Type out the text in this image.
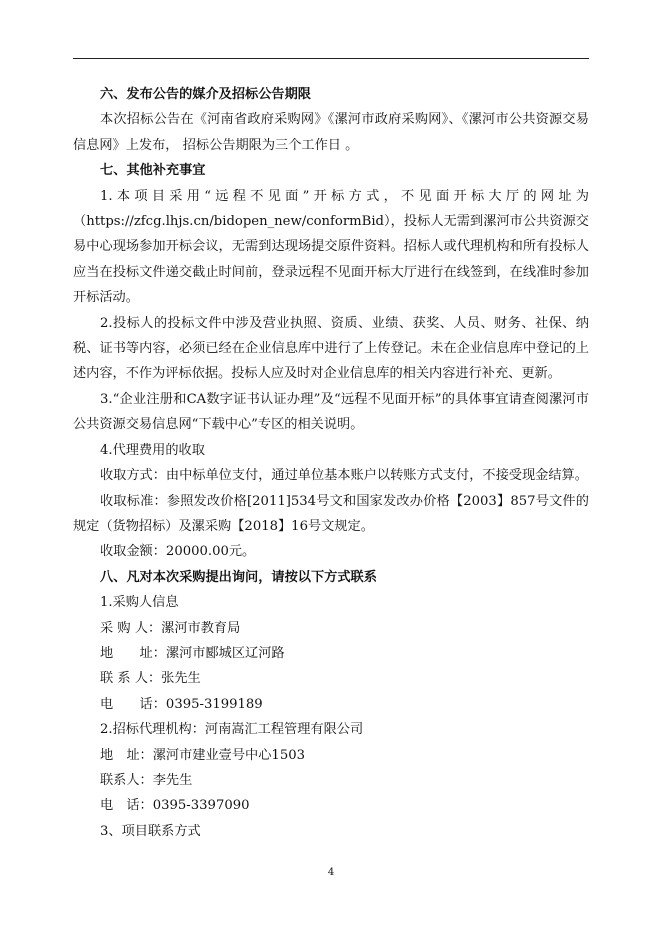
六、发布公告的媒介及招标公告期限

本次招标公告在《河南省政府采购网》《漯河市政府采购网》、《漯河市公共资源交易信息网》上发布， 招标公告期限为三个工作日 。

七、其他补充事宜

1.本项目采用“远程不见面”开标方式，不见面开标大厅的网址为（https://zfcg.lhjs.cn/bidopen_new/conformBid），投标人无需到漯河市公共资源交易中心现场参加开标会议，无需到达现场提交原件资料。招标人或代理机构和所有投标人应当在投标文件递交截止时间前，登录远程不见面开标大厅进行在线签到，在线准时参加开标活动。

2.投标人的投标文件中涉及营业执照、资质、业绩、获奖、人员、财务、社保、纳税、证书等内容，必须已经在企业信息库中进行了上传登记。未在企业信息库中登记的上述内容，不作为评标依据。投标人应及时对企业信息库的相关内容进行补充、更新。

3.“企业注册和CA数字证书认证办理”及“远程不见面开标”的具体事宜请查阅漯河市公共资源交易信息网“下载中心”专区的相关说明。

4.代理费用的收取

收取方式：由中标单位支付，通过单位基本账户以转账方式支付，不接受现金结算。

收取标准：参照发改价格[2011]534号文和国家发改办价格【2003】857号文件的规定（货物招标）及漯采购【2018】16号文规定。

收取金额：20000.00元。

八、凡对本次采购提出询问，请按以下方式联系

1.采购人信息

采 购 人：漯河市教育局

地　　址：漯河市郾城区辽河路

联 系 人：张先生

电　　话：0395-3199189

2.招标代理机构：河南嵩汇工程管理有限公司

地　址：漯河市建业壹号中心1503

联系人：李先生

电　话：0395-3397090

3、项目联系方式

4
